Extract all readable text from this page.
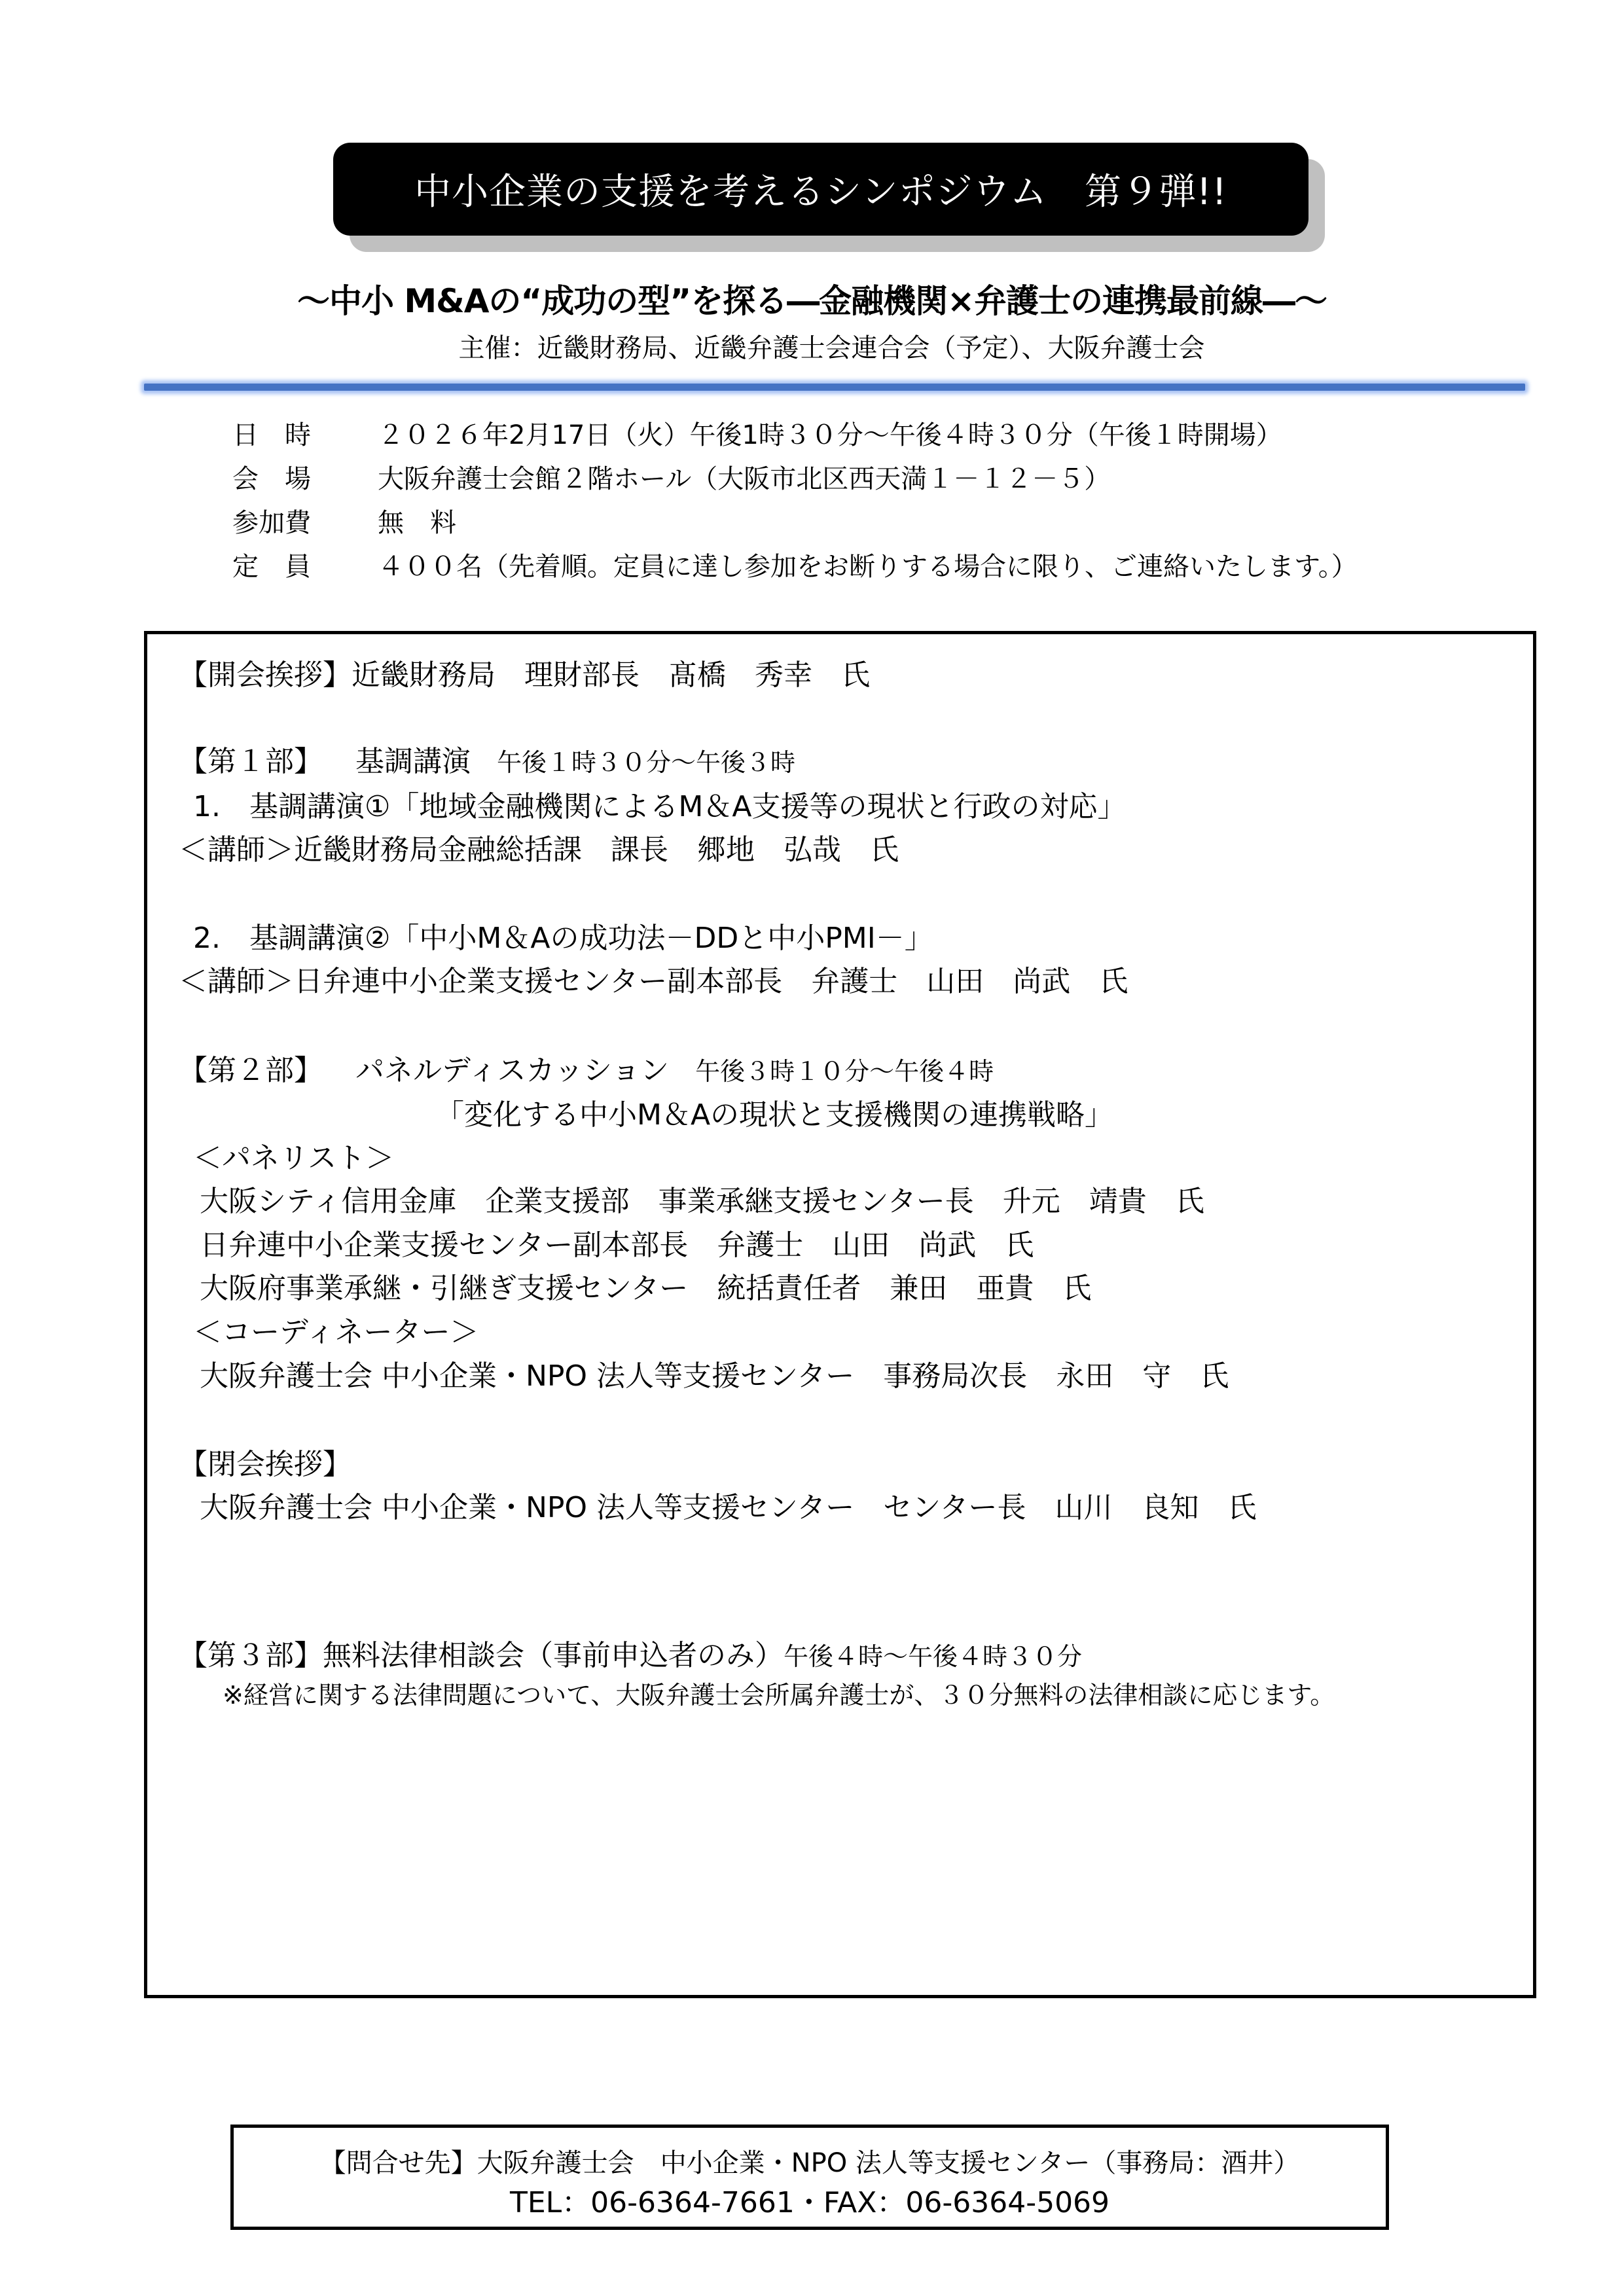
中小企業の支援を考えるシンポジウム　第９弾!!
～中小 M&Aの“成功の型”を探る―金融機関×弁護士の連携最前線―～
主催：近畿財務局、近畿弁護士会連合会（予定）、大阪弁護士会
日　時	２０２６年2月17日（火）午後1時３０分～午後４時３０分（午後１時開場）
会　場	大阪弁護士会館２階ホール（大阪市北区西天満１－１２－５）
参加費	無　料
定　員	４００名（先着順。定員に達し参加をお断りする場合に限り、ご連絡いたします。）
【開会挨拶】近畿財務局　理財部長　髙橋　秀幸　氏
【第１部】 基調講演 午後１時３０分～午後３時
1.　基調講演①「地域金融機関によるM＆A支援等の現状と行政の対応」
＜講師＞近畿財務局金融総括課　課長　郷地　弘哉　氏
2.　基調講演②「中小M＆Aの成功法－DDと中小PMI－」
＜講師＞日弁連中小企業支援センター副本部長　弁護士　山田　尚武　氏
【第２部】 パネルディスカッション 午後３時１０分～午後４時
「変化する中小M＆Aの現状と支援機関の連携戦略」
＜パネリスト＞
大阪シティ信用金庫　企業支援部　事業承継支援センター長　升元　靖貴　氏
日弁連中小企業支援センター副本部長　弁護士　山田　尚武　氏
大阪府事業承継・引継ぎ支援センター　統括責任者　兼田　亜貴　氏
＜コーディネーター＞
大阪弁護士会 中小企業・NPO 法人等支援センター　事務局次長　永田　守　氏
【閉会挨拶】
大阪弁護士会 中小企業・NPO 法人等支援センター　センター長　山川　良知　氏
【第３部】無料法律相談会（事前申込者のみ）午後４時～午後４時３０分
※経営に関する法律問題について、大阪弁護士会所属弁護士が、３０分無料の法律相談に応じます。
【問合せ先】大阪弁護士会　中小企業・NPO 法人等支援センター（事務局：酒井）
TEL：06-6364-7661・FAX：06-6364-5069
